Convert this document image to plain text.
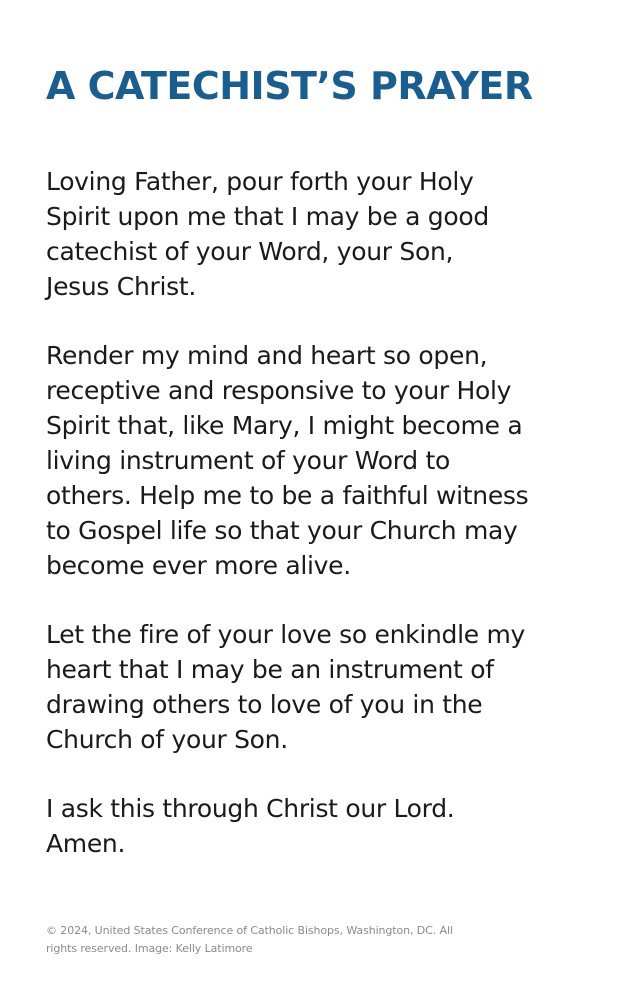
A CATECHIST’S PRAYER

Loving Father, pour forth your Holy
Spirit upon me that I may be a good
catechist of your Word, your Son,
Jesus Christ.

Render my mind and heart so open,
receptive and responsive to your Holy
Spirit that, like Mary, I might become a
living instrument of your Word to
others. Help me to be a faithful witness
to Gospel life so that your Church may
become ever more alive.

Let the fire of your love so enkindle my
heart that I may be an instrument of
drawing others to love of you in the
Church of your Son.

I ask this through Christ our Lord.
Amen.

© 2024, United States Conference of Catholic Bishops, Washington, DC. All
rights reserved. Image: Kelly Latimore
